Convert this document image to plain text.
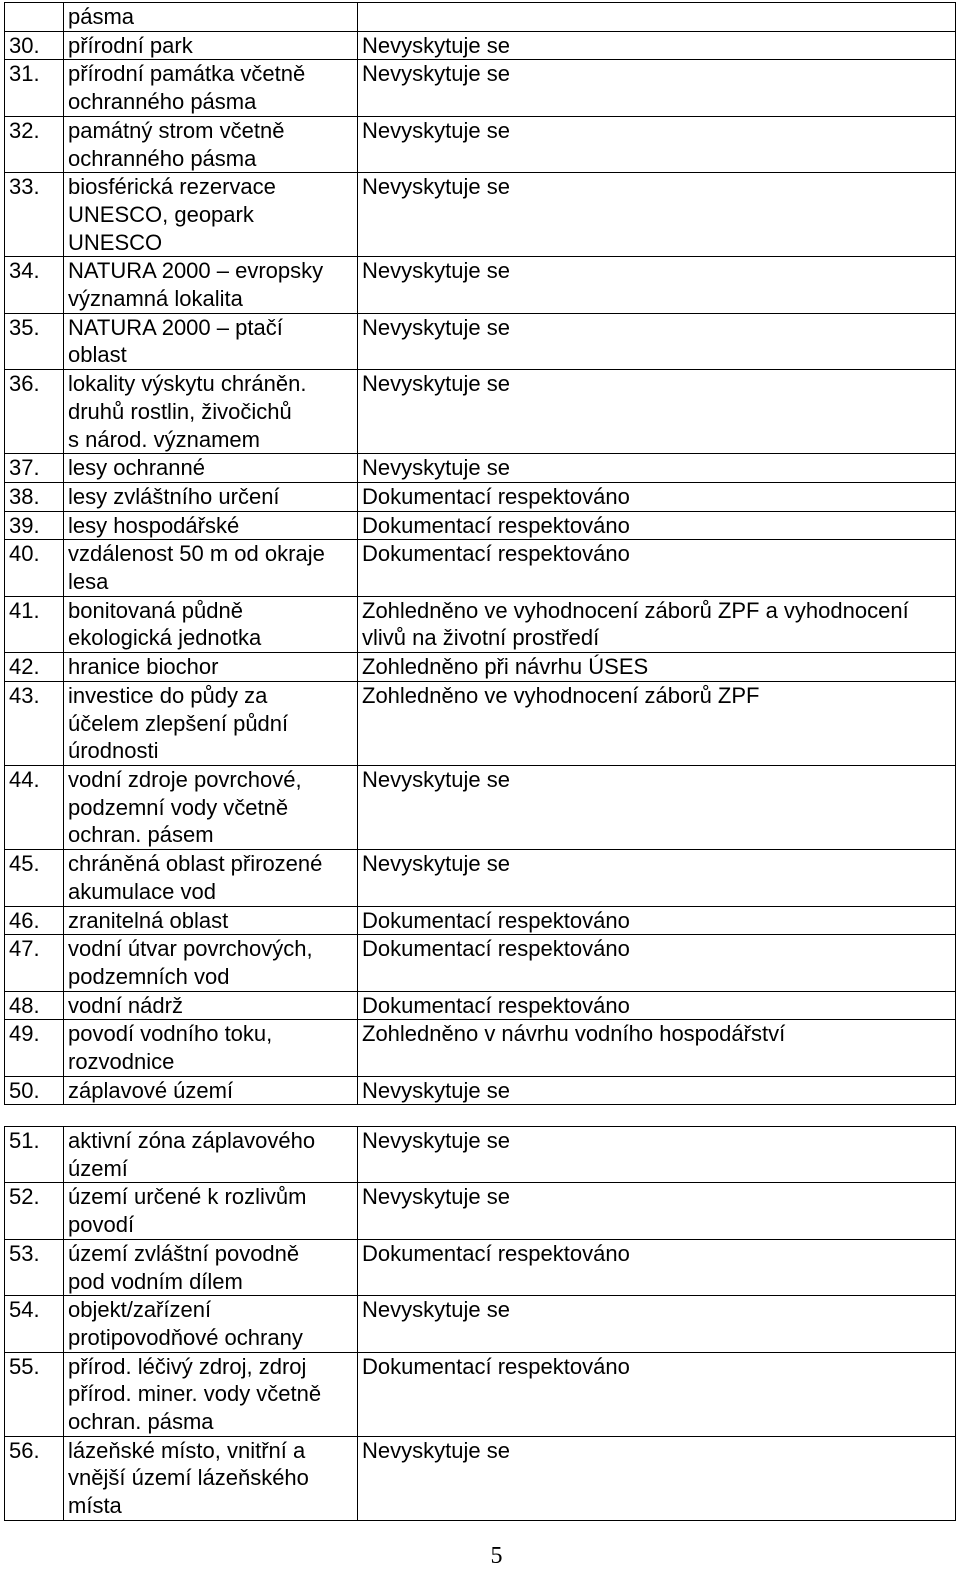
	pásma	
30.	přírodní park	Nevyskytuje se
31.	přírodní památka včetně
ochranného pásma	Nevyskytuje se
32.	památný strom včetně
ochranného pásma	Nevyskytuje se
33.	biosférická rezervace
UNESCO, geopark
UNESCO	Nevyskytuje se
34.	NATURA 2000 – evropsky
významná lokalita	Nevyskytuje se
35.	NATURA 2000 – ptačí
oblast	Nevyskytuje se
36.	lokality výskytu chráněn.
druhů rostlin, živočichů
s národ. významem	Nevyskytuje se
37.	lesy ochranné	Nevyskytuje se
38.	lesy zvláštního určení	Dokumentací respektováno
39.	lesy hospodářské	Dokumentací respektováno
40.	vzdálenost 50 m od okraje
lesa	Dokumentací respektováno
41.	bonitovaná půdně
ekologická jednotka	Zohledněno ve vyhodnocení záborů ZPF a vyhodnocení
vlivů na životní prostředí
42.	hranice biochor	Zohledněno při návrhu ÚSES
43.	investice do půdy za
účelem zlepšení půdní
úrodnosti	Zohledněno ve vyhodnocení záborů ZPF
44.	vodní zdroje povrchové,
podzemní vody včetně
ochran. pásem	Nevyskytuje se
45.	chráněná oblast přirozené
akumulace vod	Nevyskytuje se
46.	zranitelná oblast	Dokumentací respektováno
47.	vodní útvar povrchových,
podzemních vod	Dokumentací respektováno
48.	vodní nádrž	Dokumentací respektováno
49.	povodí vodního toku,
rozvodnice	Zohledněno v návrhu vodního hospodářství
50.	záplavové území	Nevyskytuje se
51.	aktivní zóna záplavového
území	Nevyskytuje se
52.	území určené k rozlivům
povodí	Nevyskytuje se
53.	území zvláštní povodně
pod vodním dílem	Dokumentací respektováno
54.	objekt/zařízení
protipovodňové ochrany	Nevyskytuje se
55.	přírod. léčivý zdroj, zdroj
přírod. miner. vody včetně
ochran. pásma	Dokumentací respektováno
56.	lázeňské místo, vnitřní a
vnější území lázeňského
místa	Nevyskytuje se
5
